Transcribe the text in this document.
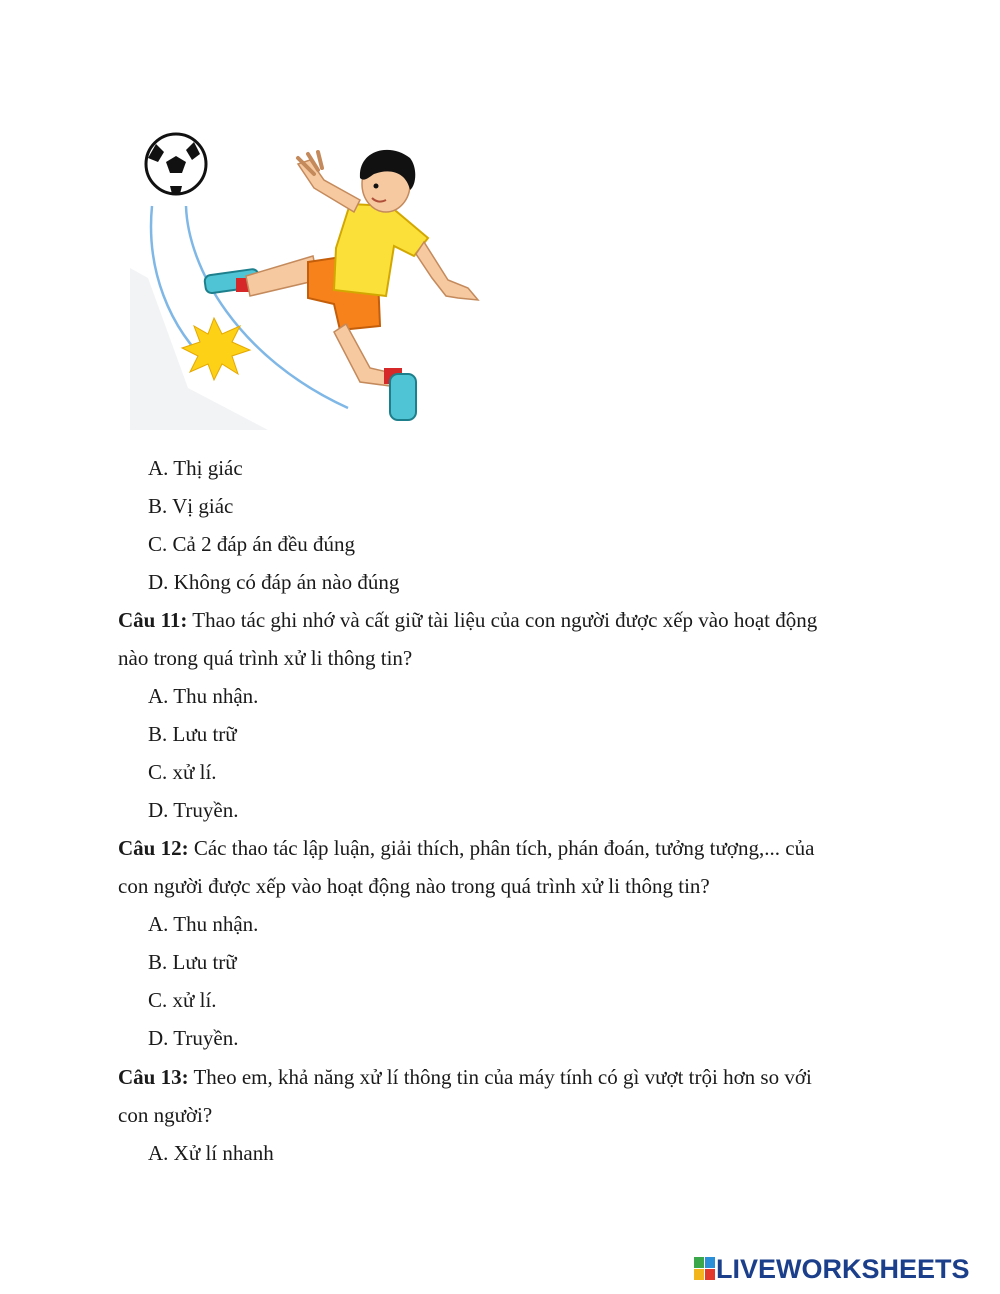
A. Thị giác
B. Vị giác
C. Cả 2 đáp án đều đúng
D. Không có đáp án nào đúng
Câu 11: Thao tác ghi nhớ và cất giữ tài liệu của con người được xếp vào hoạt động
nào trong quá trình xử li thông tin?
A. Thu nhận.
B. Lưu trữ
C. xử lí.
D. Truyền.
Câu 12: Các thao tác lập luận, giải thích, phân tích, phán đoán, tưởng tượng,... của
con người được xếp vào hoạt động nào trong quá trình xử li thông tin?
A. Thu nhận.
B. Lưu trữ
C. xử lí.
D. Truyền.
Câu 13: Theo em, khả năng xử lí thông tin của máy tính có gì vượt trội hơn so với
con người?
A. Xử lí nhanh
LIVEWORKSHEETS
